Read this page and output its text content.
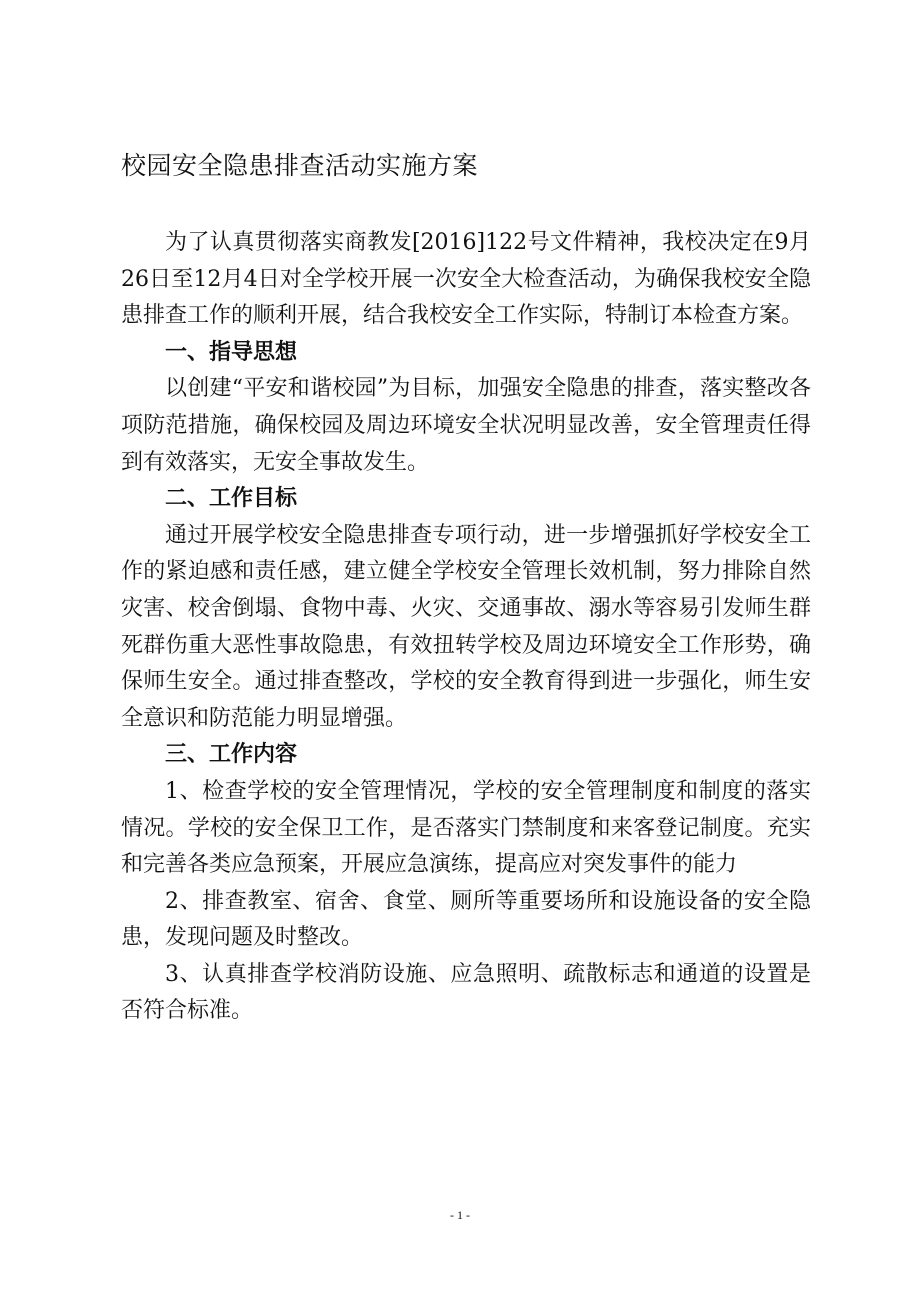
校园安全隐患排查活动实施方案

为了认真贯彻落实商教发[2016]122号文件精神，我校决定在9月26日至12月4日对全学校开展一次安全大检查活动，为确保我校安全隐患排查工作的顺利开展，结合我校安全工作实际，特制订本检查方案。

一、指导思想

以创建“平安和谐校园”为目标，加强安全隐患的排查，落实整改各项防范措施，确保校园及周边环境安全状况明显改善，安全管理责任得到有效落实，无安全事故发生。

二、工作目标

通过开展学校安全隐患排查专项行动，进一步增强抓好学校安全工作的紧迫感和责任感，建立健全学校安全管理长效机制，努力排除自然灾害、校舍倒塌、食物中毒、火灾、交通事故、溺水等容易引发师生群死群伤重大恶性事故隐患，有效扭转学校及周边环境安全工作形势，确保师生安全。通过排查整改，学校的安全教育得到进一步强化，师生安全意识和防范能力明显增强。

三、工作内容

1、检查学校的安全管理情况，学校的安全管理制度和制度的落实情况。学校的安全保卫工作，是否落实门禁制度和来客登记制度。充实和完善各类应急预案，开展应急演练，提高应对突发事件的能力

2、排查教室、宿舍、食堂、厕所等重要场所和设施设备的安全隐患，发现问题及时整改。

3、认真排查学校消防设施、应急照明、疏散标志和通道的设置是否符合标准。

- 1 -
